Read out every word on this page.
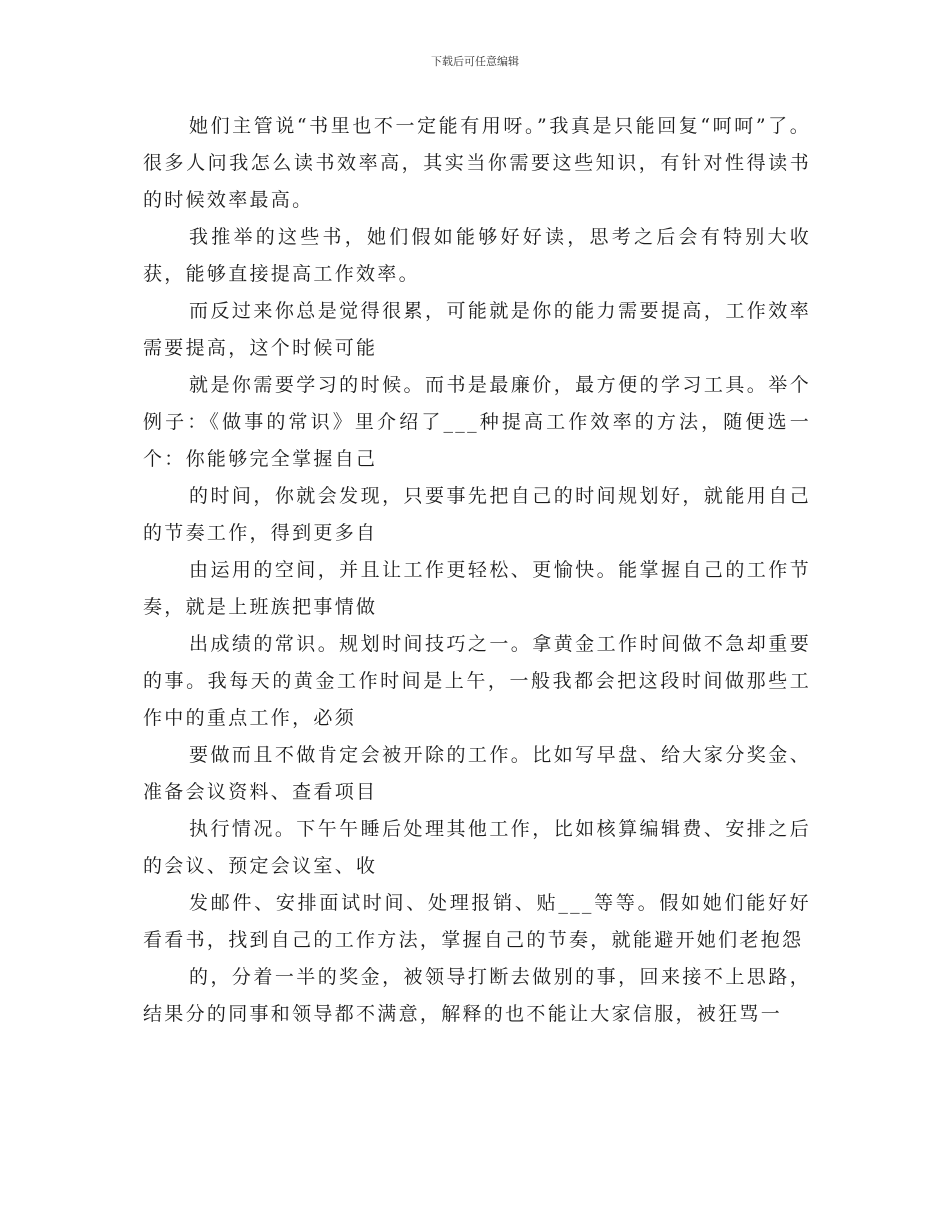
下载后可任意编辑

她们主管说“书里也不一定能有用呀。”我真是只能回复“呵呵”了。很多人问我怎么读书效率高，其实当你需要这些知识，有针对性得读书的时候效率最高。

我推举的这些书，她们假如能够好好读，思考之后会有特别大收获，能够直接提高工作效率。

而反过来你总是觉得很累，可能就是你的能力需要提高，工作效率需要提高，这个时候可能

就是你需要学习的时候。而书是最廉价，最方便的学习工具。举个例子：《做事的常识》里介绍了___种提高工作效率的方法，随便选一个：你能够完全掌握自己

的时间，你就会发现，只要事先把自己的时间规划好，就能用自己的节奏工作，得到更多自

由运用的空间，并且让工作更轻松、更愉快。能掌握自己的工作节奏，就是上班族把事情做

出成绩的常识。规划时间技巧之一。拿黄金工作时间做不急却重要的事。我每天的黄金工作时间是上午，一般我都会把这段时间做那些工作中的重点工作，必须

要做而且不做肯定会被开除的工作。比如写早盘、给大家分奖金、准备会议资料、查看项目

执行情况。下午午睡后处理其他工作，比如核算编辑费、安排之后的会议、预定会议室、收

发邮件、安排面试时间、处理报销、贴___等等。假如她们能好好看看书，找到自己的工作方法，掌握自己的节奏，就能避开她们老抱怨

的，分着一半的奖金，被领导打断去做别的事，回来接不上思路，结果分的同事和领导都不满意，解释的也不能让大家信服，被狂骂一
